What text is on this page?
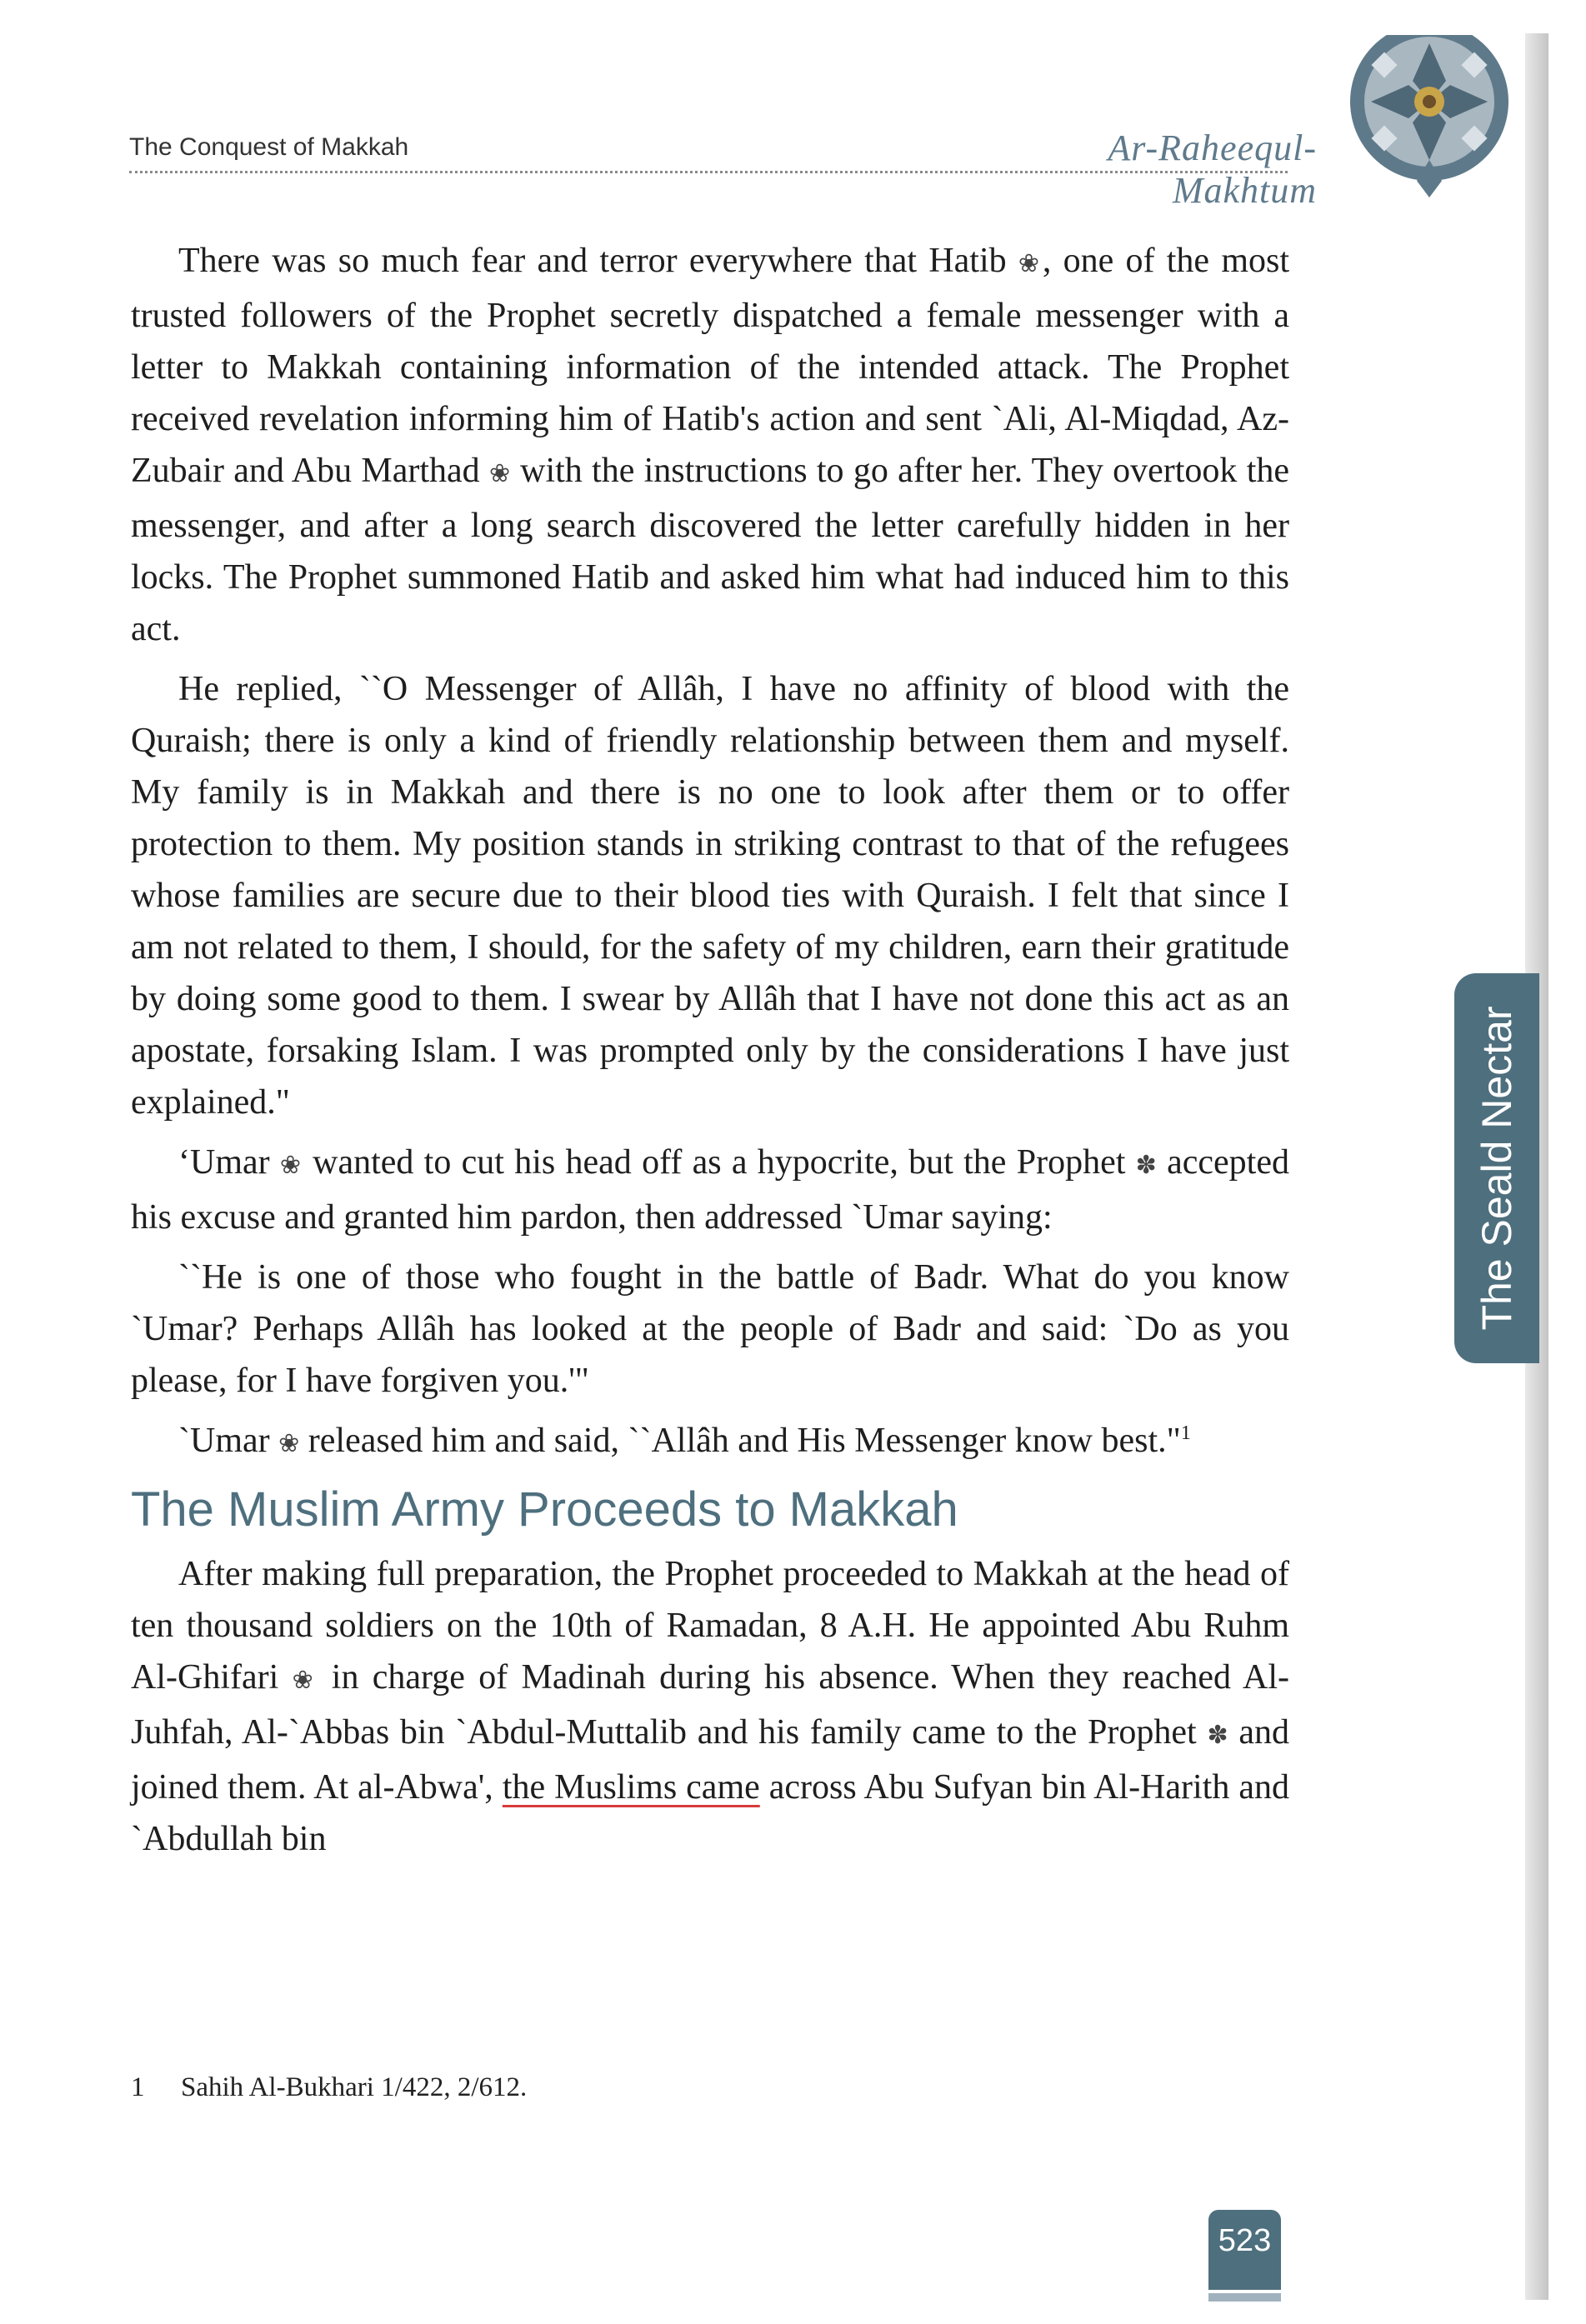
The Conquest of Makkah	Ar-Raheequl-Makhtum
The Seald Nectar

There was so much fear and terror everywhere that Hatib ❀, one of the most trusted followers of the Prophet secretly dispatched a female messenger with a letter to Makkah containing information of the intended attack. The Prophet received revelation informing him of Hatib's action and sent `Ali, Al-Miqdad, Az-Zubair and Abu Marthad ❀ with the instructions to go after her. They overtook the messenger, and after a long search discovered the letter carefully hidden in her locks. The Prophet summoned Hatib and asked him what had induced him to this act.

He replied, ``O Messenger of Allâh, I have no affinity of blood with the Quraish; there is only a kind of friendly relationship between them and myself. My family is in Makkah and there is no one to look after them or to offer protection to them. My position stands in striking contrast to that of the refugees whose families are secure due to their blood ties with Quraish. I felt that since I am not related to them, I should, for the safety of my children, earn their gratitude by doing some good to them. I swear by Allâh that I have not done this act as an apostate, forsaking Islam. I was prompted only by the considerations I have just explained."

‘Umar ❀ wanted to cut his head off as a hypocrite, but the Prophet ✽ accepted his excuse and granted him pardon, then addressed `Umar saying:

``He is one of those who fought in the battle of Badr. What do you know `Umar? Perhaps Allâh has looked at the people of Badr and said: `Do as you please, for I have forgiven you.'"

`Umar ❀ released him and said, ``Allâh and His Messenger know best."$^1$

The Muslim Army Proceeds to Makkah

After making full preparation, the Prophet proceeded to Makkah at the head of ten thousand soldiers on the 10th of Ramadan, 8 A.H. He appointed Abu Ruhm Al-Ghifari ❀ in charge of Madinah during his absence. When they reached Al-Juhfah, Al-`Abbas bin `Abdul-Muttalib and his family came to the Prophet ✽ and joined them. At al-Abwa', the Muslims came across Abu Sufyan bin Al-Harith and `Abdullah bin

1 Sahih Al-Bukhari 1/422, 2/612.
523
